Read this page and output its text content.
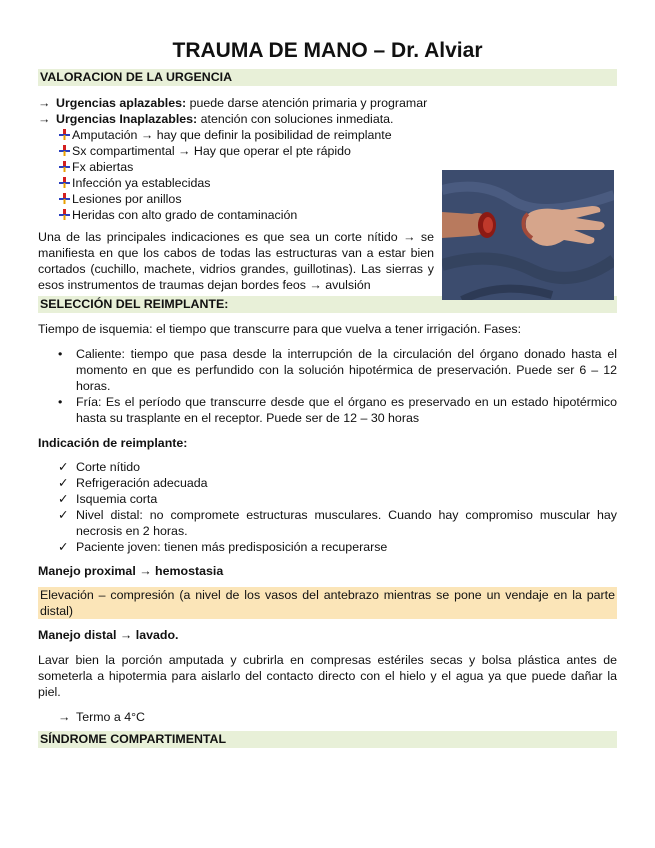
TRAUMA DE MANO – Dr. Alviar
VALORACION DE LA URGENCIA
→ Urgencias aplazables: puede darse atención primaria y programar
→ Urgencias Inaplazables: atención con soluciones inmediata.
Amputación → hay que definir la posibilidad de reimplante
Sx compartimental → Hay que operar el pte rápido
Fx abiertas
Infección ya establecidas
Lesiones por anillos
Heridas con alto grado de contaminación

Una de las principales indicaciones es que sea un corte nítido → se manifiesta en que los cabos de todas las estructuras van a estar bien cortados (cuchillo, machete, vidrios grandes, guillotinas). Las sierras y esos instrumentos de traumas dejan bordes feos → avulsión

SELECCIÓN DEL REIMPLANTE:

Tiempo de isquemia: el tiempo que transcurre para que vuelva a tener irrigación. Fases:

•	Caliente: tiempo que pasa desde la interrupción de la circulación del órgano donado hasta el momento en que es perfundido con la solución hipotérmica de preservación. Puede ser 6 – 12 horas.
•	Fría: Es el período que transcurre desde que el órgano es preservado en un estado hipotérmico hasta su trasplante en el receptor. Puede ser de 12 – 30 horas
Indicación de reimplante:
✓ Corte nítido
✓ Refrigeración adecuada
✓ Isquemia corta
✓ Nivel distal: no compromete estructuras musculares. Cuando hay compromiso muscular hay necrosis en 2 horas.
✓ Paciente joven: tienen más predisposición a recuperarse
Manejo proximal → hemostasia

Elevación – compresión (a nivel de los vasos del antebrazo mientras se pone un vendaje en la parte distal)

Manejo distal → lavado.

Lavar bien la porción amputada y cubrirla en compresas estériles secas y bolsa plástica antes de someterla a hipotermia para aislarlo del contacto directo con el hielo y el agua ya que puede dañar la piel.

→ Termo a 4°C
SÍNDROME COMPARTIMENTAL
